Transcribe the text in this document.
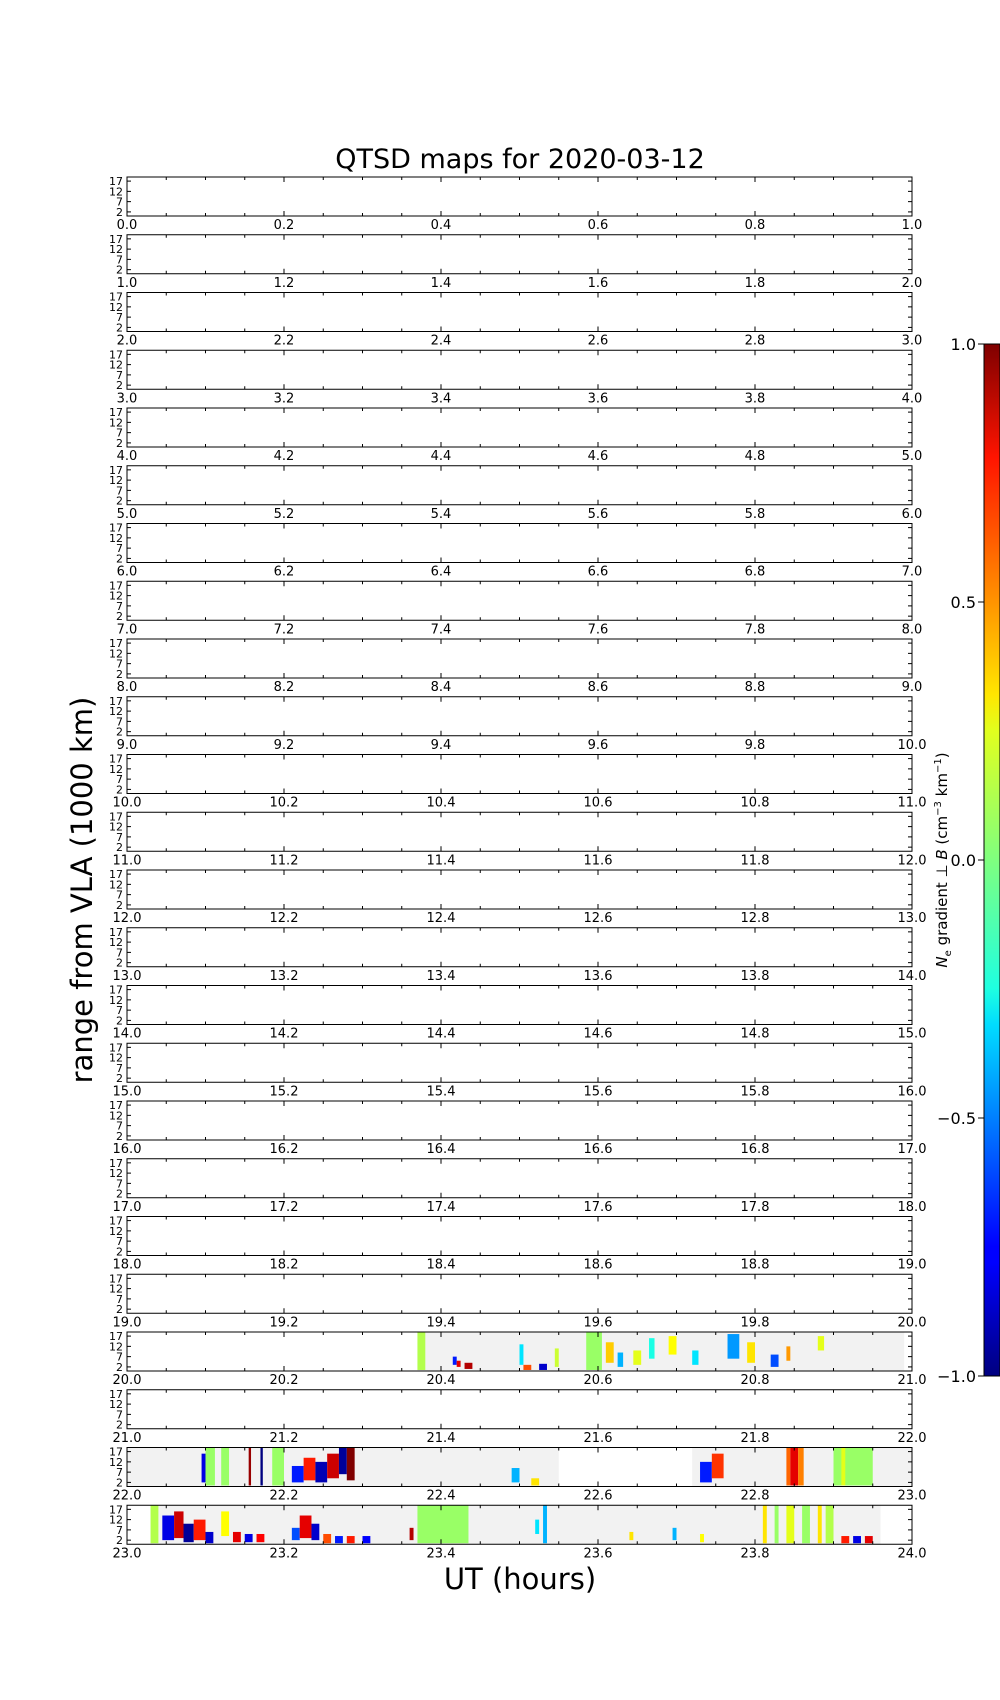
QTSD maps for 2020-03-12
range from VLA (1000 km)
UT (hours)
17
12
7
2
0.0	0.2	0.4	0.6	0.8	1.0
17
12
7
2
1.0	1.2	1.4	1.6	1.8	2.0
17
12
7
2
2.0	2.2	2.4	2.6	2.8	3.0
17
12
7
2
3.0	3.2	3.4	3.6	3.8	4.0
17
12
7
2
4.0	4.2	4.4	4.6	4.8	5.0
17
12
7
2
5.0	5.2	5.4	5.6	5.8	6.0
17
12
7
2
6.0	6.2	6.4	6.6	6.8	7.0
17
12
7
2
7.0	7.2	7.4	7.6	7.8	8.0
17
12
7
2
8.0	8.2	8.4	8.6	8.8	9.0
17
12
7
2
9.0	9.2	9.4	9.6	9.8	10.0
17
12
7
2
10.0	10.2	10.4	10.6	10.8	11.0
17
12
7
2
11.0	11.2	11.4	11.6	11.8	12.0
17
12
7
2
12.0	12.2	12.4	12.6	12.8	13.0
17
12
7
2
13.0	13.2	13.4	13.6	13.8	14.0
17
12
7
2
14.0	14.2	14.4	14.6	14.8	15.0
17
12
7
2
15.0	15.2	15.4	15.6	15.8	16.0
17
12
7
2
16.0	16.2	16.4	16.6	16.8	17.0
17
12
7
2
17.0	17.2	17.4	17.6	17.8	18.0
17
12
7
2
18.0	18.2	18.4	18.6	18.8	19.0
17
12
7
2
19.0	19.2	19.4	19.6	19.8	20.0
17
12
7
2
20.0	20.2	20.4	20.6	20.8	21.0
17
12
7
2
21.0	21.2	21.4	21.6	21.8	22.0
17
12
7
2
22.0	22.2	22.4	22.6	22.8	23.0
17
12
7
2
23.0	23.2	23.4	23.6	23.8	24.0
1.0
0.5
0.0
−0.5
−1.0
$N_e$ gradient ⊥ B ($cm^{-3}$ $km^{-1}$)
